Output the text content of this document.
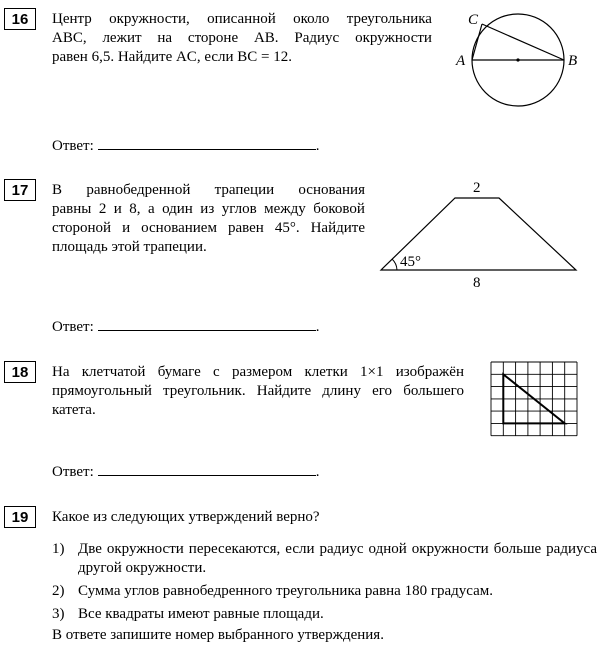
16	Центр окружности, описанной около треугольника
ABC, лежит на стороне AB. Радиус окружности
равен 6,5. Найдите AC, если BC = 12.
C
A	B
Ответ:	.
17	В равнобедренной трапеции основания
равны 2 и 8, а один из углов между боковой
стороной и основанием равен 45°. Найдите
площадь этой трапеции.
2
8
45°
Ответ:	.
18	На клетчатой бумаге с размером клетки 1×1 изображён
прямоугольный треугольник. Найдите длину его большего
катета.
Ответ:	.
19	Какое из следующих утверждений верно?
1) Две окружности пересекаются, если радиус одной окружности больше радиуса другой окружности.
2) Сумма углов равнобедренного треугольника равна 180 градусам.
3) Все квадраты имеют равные площади.
В ответе запишите номер выбранного утверждения.
